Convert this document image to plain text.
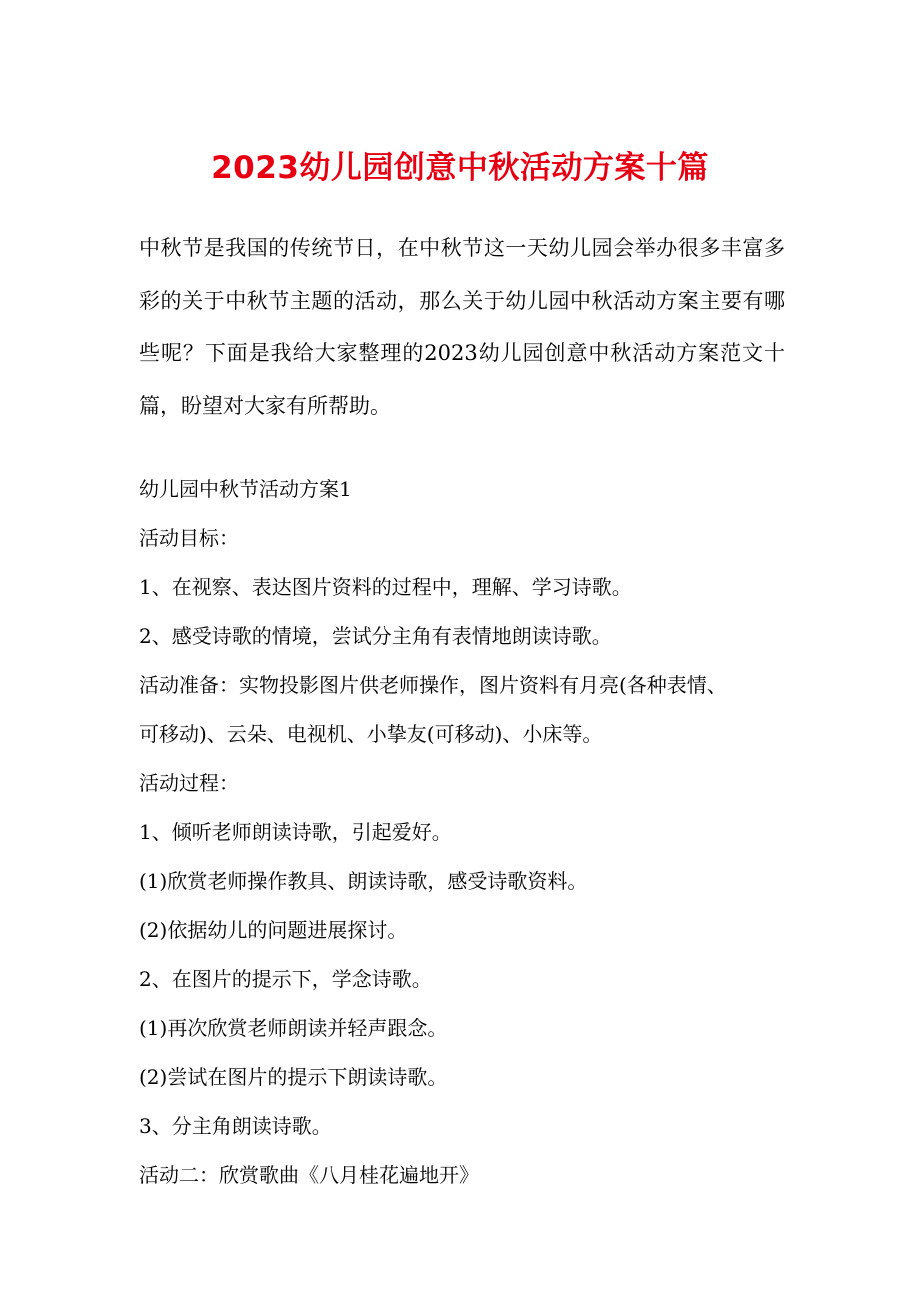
2023幼儿园创意中秋活动方案十篇

中秋节是我国的传统节日，在中秋节这一天幼儿园会举办很多丰富多彩的关于中秋节主题的活动，那么关于幼儿园中秋活动方案主要有哪些呢？下面是我给大家整理的2023幼儿园创意中秋活动方案范文十篇，盼望对大家有所帮助。

幼儿园中秋节活动方案1
活动目标：
1、在视察、表达图片资料的过程中，理解、学习诗歌。
2、感受诗歌的情境，尝试分主角有表情地朗读诗歌。
活动准备：实物投影图片供老师操作，图片资料有月亮(各种表情、
可移动)、云朵、电视机、小挚友(可移动)、小床等。
活动过程：
1、倾听老师朗读诗歌，引起爱好。
(1)欣赏老师操作教具、朗读诗歌，感受诗歌资料。
(2)依据幼儿的问题进展探讨。
2、在图片的提示下，学念诗歌。
(1)再次欣赏老师朗读并轻声跟念。
(2)尝试在图片的提示下朗读诗歌。
3、分主角朗读诗歌。
活动二：欣赏歌曲《八月桂花遍地开》
